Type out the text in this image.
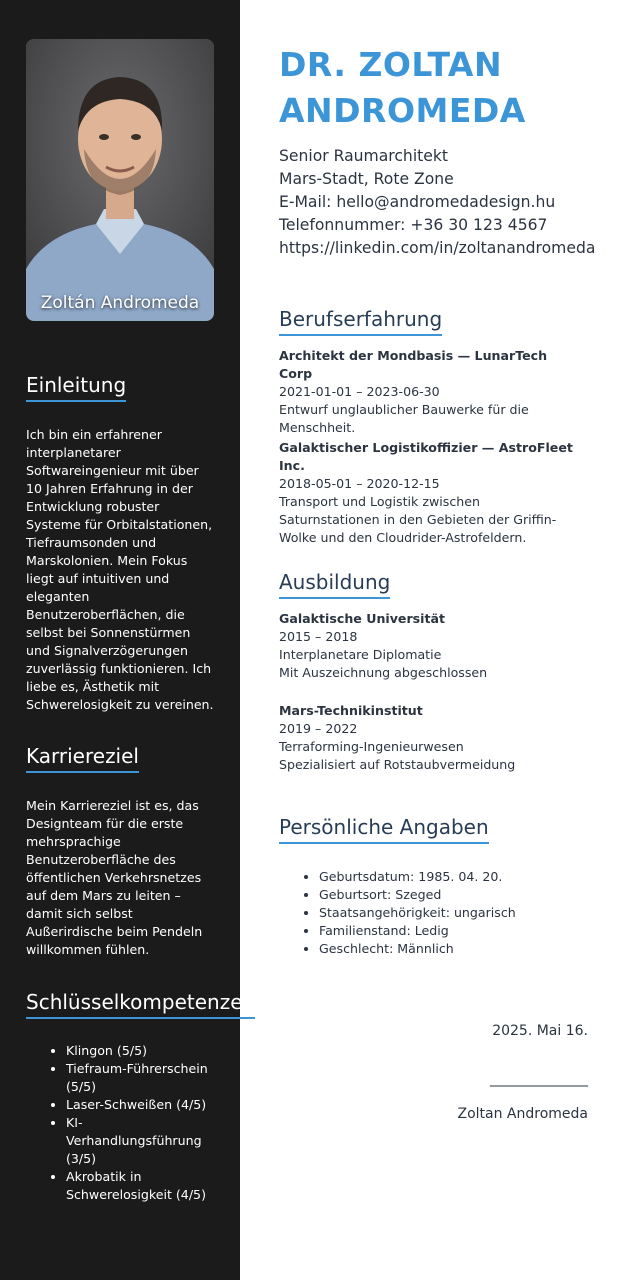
Zoltán Andromeda
Einleitung

Ich bin ein erfahrener interplanetarer Softwareingenieur mit über 10 Jahren Erfahrung in der Entwicklung robuster Systeme für Orbitalstationen, Tiefraumsonden und Marskolonien. Mein Fokus liegt auf intuitiven und eleganten Benutzeroberflächen, die selbst bei Sonnenstürmen und Signalverzögerungen zuverlässig funktionieren. Ich liebe es, Ästhetik mit Schwerelosigkeit zu vereinen.

Karriereziel

Mein Karriereziel ist es, das Designteam für die erste mehrsprachige Benutzeroberfläche des öffentlichen Verkehrsnetzes auf dem Mars zu leiten – damit sich selbst Außerirdische beim Pendeln willkommen fühlen.

Schlüsselkompetenzen
• Klingon (5/5)
• Tiefraum-Führerschein (5/5)
• Laser-Schweißen (4/5)
• KI-Verhandlungsführung (3/5)
• Akrobatik in Schwerelosigkeit (4/5)
DR. ZOLTAN
ANDROMEDA
Senior Raumarchitekt
Mars-Stadt, Rote Zone
E-Mail: hello@andromedadesign.hu
Telefonnummer: +36 30 123 4567
https://linkedin.com/in/zoltanandromeda
Berufserfahrung
Architekt der Mondbasis — LunarTech Corp
2021-01-01 – 2023-06-30
Entwurf unglaublicher Bauwerke für die Menschheit.
Galaktischer Logistikoffizier — AstroFleet Inc.
2018-05-01 – 2020-12-15
Transport und Logistik zwischen Saturnstationen in den Gebieten der Griffin-Wolke und den Cloudrider-Astrofeldern.
Ausbildung
Galaktische Universität
2015 – 2018
Interplanetare Diplomatie
Mit Auszeichnung abgeschlossen
Mars-Technikinstitut
2019 – 2022
Terraforming-Ingenieurwesen
Spezialisiert auf Rotstaubvermeidung
Persönliche Angaben
• Geburtsdatum: 1985. 04. 20.
• Geburtsort: Szeged
• Staatsangehörigkeit: ungarisch
• Familienstand: Ledig
• Geschlecht: Männlich
2025. Mai 16.
______________
Zoltan Andromeda
